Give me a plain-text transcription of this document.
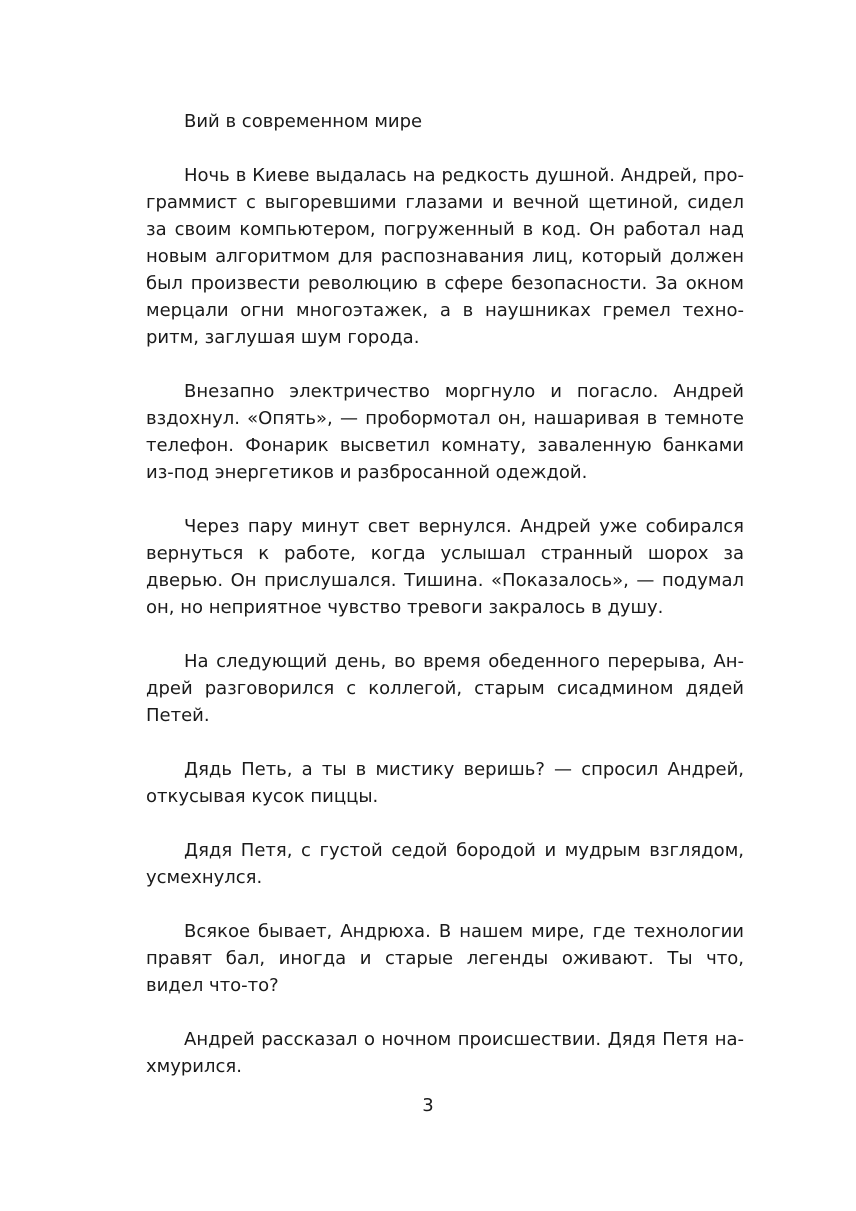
Вий в современном мире

Ночь в Киеве выдалась на редкость душной. Андрей, программист с выгоревшими глазами и вечной щетиной, сидел за своим компьютером, погруженный в код. Он работал над новым алгоритмом для распознавания лиц, который должен был произвести революцию в сфере безопасности. За окном мерцали огни многоэтажек, а в наушниках гремел техно-ритм, заглушая шум города.

Внезапно электричество моргнуло и погасло. Андрей вздохнул. «Опять», — пробормотал он, нашаривая в темноте телефон. Фонарик высветил комнату, заваленную банками из-под энергетиков и разбросанной одеждой.

Через пару минут свет вернулся. Андрей уже собирался вернуться к работе, когда услышал странный шорох за дверью. Он прислушался. Тишина. «Показалось», — подумал он, но неприятное чувство тревоги закралось в душу.

На следующий день, во время обеденного перерыва, Андрей разговорился с коллегой, старым сисадмином дядей Петей.

Дядь Петь, а ты в мистику веришь? — спросил Андрей, откусывая кусок пиццы.

Дядя Петя, с густой седой бородой и мудрым взглядом, усмехнулся.

Всякое бывает, Андрюха. В нашем мире, где технологии правят бал, иногда и старые легенды оживают. Ты что, видел что-то?

Андрей рассказал о ночном происшествии. Дядя Петя нахмурился.

3
